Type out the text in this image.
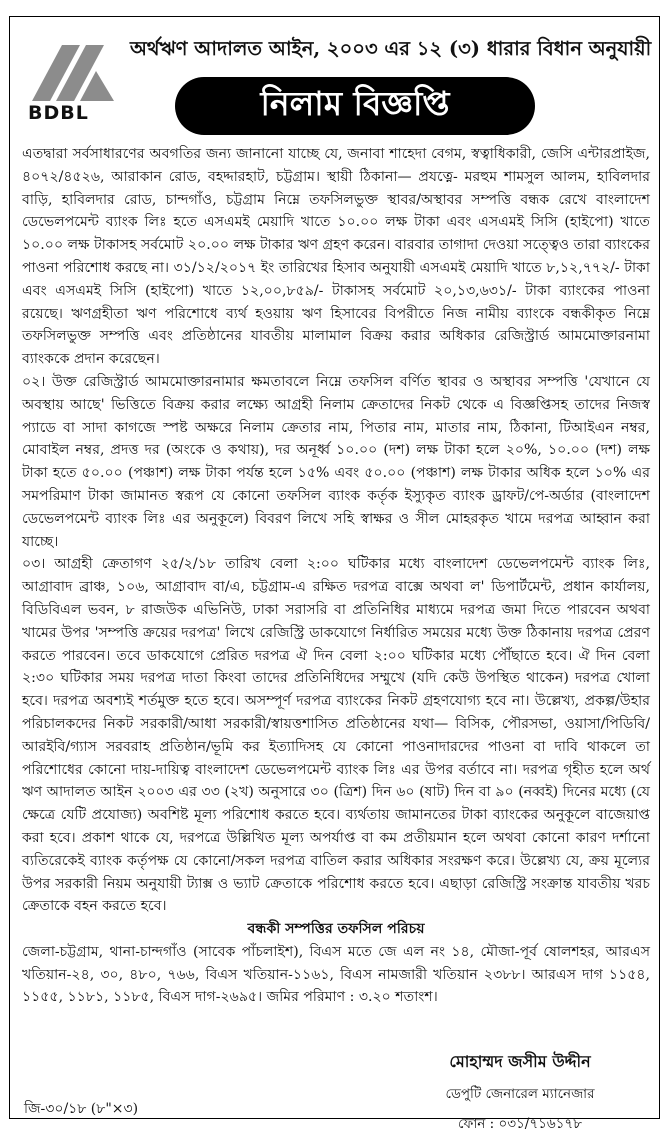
BDBL
অর্থঋণ আদালত আইন, ২০০৩ এর ১২ (৩) ধারার বিধান অনুযায়ী
নিলাম বিজ্ঞপ্তি

এতদ্বারা সর্বসাধারণের অবগতির জন্য জানানো যাচ্ছে যে, জনাবা শাহেদা বেগম, স্বত্বাধিকারী, জেসি এন্টারপ্রাইজ, ৪০৭২/৪৫২৬, আরাকান রোড, বহদ্দারহাট, চট্টগ্রাম। স্থায়ী ঠিকানা— প্রযত্নে- মরহুম শামসুল আলম, হাবিলদার বাড়ি, হাবিলদার রোড, চান্দগাঁও, চট্টগ্রাম নিম্নে তফসিলভুক্ত স্থাবর/অস্থাবর সম্পত্তি বন্ধক রেখে বাংলাদেশ ডেভেলপমেন্ট ব্যাংক লিঃ হতে এসএমই মেয়াদি খাতে ১০.০০ লক্ষ টাকা এবং এসএমই সিসি (হাইপো) খাতে ১০.০০ লক্ষ টাকাসহ সর্বমোট ২০.০০ লক্ষ টাকার ঋণ গ্রহণ করেন। বারবার তাগাদা দেওয়া সত্ত্বেও তারা ব্যাংকের পাওনা পরিশোধ করছে না। ৩১/১২/২০১৭ ইং তারিখের হিসাব অনুযায়ী এসএমই মেয়াদি খাতে ৮,১২,৭৭২/- টাকা এবং এসএমই সিসি (হাইপো) খাতে ১২,০০,৮৫৯/- টাকাসহ সর্বমোট ২০,১৩,৬৩১/- টাকা ব্যাংকের পাওনা রয়েছে। ঋণগ্রহীতা ঋণ পরিশোধে ব্যর্থ হওয়ায় ঋণ হিসাবের বিপরীতে নিজ নামীয় ব্যাংকে বন্ধকীকৃত নিম্নে তফসিলভুক্ত সম্পত্তি এবং প্রতিষ্ঠানের যাবতীয় মালামাল বিক্রয় করার অধিকার রেজিস্ট্রার্ড আমমোক্তারনামা ব্যাংককে প্রদান করেছেন।

০২। উক্ত রেজিস্ট্রার্ড আমমোক্তারনামার ক্ষমতাবলে নিম্নে তফসিল বর্ণিত স্থাবর ও অস্থাবর সম্পত্তি 'যেখানে যে অবস্থায় আছে' ভিত্তিতে বিক্রয় করার লক্ষ্যে আগ্রহী নিলাম ক্রেতাদের নিকট থেকে এ বিজ্ঞপ্তিসহ তাদের নিজস্ব প্যাডে বা সাদা কাগজে স্পষ্ট অক্ষরে নিলাম ক্রেতার নাম, পিতার নাম, মাতার নাম, ঠিকানা, টিআইএন নম্বর, মোবাইল নম্বর, প্রদত্ত দর (অংকে ও কথায়), দর অনূর্ধ্ব ১০.০০ (দশ) লক্ষ টাকা হলে ২০%, ১০.০০ (দশ) লক্ষ টাকা হতে ৫০.০০ (পঞ্চাশ) লক্ষ টাকা পর্যন্ত হলে ১৫% এবং ৫০.০০ (পঞ্চাশ) লক্ষ টাকার অধিক হলে ১০% এর সমপরিমাণ টাকা জামানত স্বরূপ যে কোনো তফসিল ব্যাংক কর্তৃক ইস্যুকৃত ব্যাংক ড্রাফট/পে-অর্ডার (বাংলাদেশ ডেভেলপমেন্ট ব্যাংক লিঃ এর অনুকূলে) বিবরণ লিখে সহি স্বাক্ষর ও সীল মোহরকৃত খামে দরপত্র আহ্বান করা যাচ্ছে।

০৩। আগ্রহী ক্রেতাগণ ২৫/২/১৮ তারিখ বেলা ২:০০ ঘটিকার মধ্যে বাংলাদেশ ডেভেলপমেন্ট ব্যাংক লিঃ, আগ্রাবাদ ব্রাঞ্চ, ১০৬, আগ্রাবাদ বা/এ, চট্টগ্রাম-এ রক্ষিত দরপত্র বাক্সে অথবা ল' ডিপার্টমেন্ট, প্রধান কার্যালয়, বিডিবিএল ভবন, ৮ রাজউক এভিনিউ, ঢাকা সরাসরি বা প্রতিনিধির মাধ্যমে দরপত্র জমা দিতে পারবেন অথবা খামের উপর 'সম্পত্তি ক্রয়ের দরপত্র' লিখে রেজিস্ট্রি ডাকযোগে নির্ধারিত সময়ের মধ্যে উক্ত ঠিকানায় দরপত্র প্রেরণ করতে পারবেন। তবে ডাকযোগে প্রেরিত দরপত্র ঐ দিন বেলা ২:০০ ঘটিকার মধ্যে পৌঁছাতে হবে। ঐ দিন বেলা ২:৩০ ঘটিকার সময় দরপত্র দাতা কিংবা তাদের প্রতিনিধিদের সম্মুখে (যদি কেউ উপস্থিত থাকেন) দরপত্র খোলা হবে। দরপত্র অবশ্যই শর্তমুক্ত হতে হবে। অসম্পূর্ণ দরপত্র ব্যাংকের নিকট গ্রহণযোগ্য হবে না। উল্লেখ্য, প্রকল্প/উহার পরিচালকদের নিকট সরকারী/আধা সরকারী/স্বায়ত্তশাসিত প্রতিষ্ঠানের যথা— বিসিক, পৌরসভা, ওয়াসা/পিডিবি/আরইবি/গ্যাস সরবরাহ প্রতিষ্ঠান/ভূমি কর ইত্যাদিসহ যে কোনো পাওনাদারদের পাওনা বা দাবি থাকলে তা পরিশোধের কোনো দায়-দায়িত্ব বাংলাদেশ ডেভেলপমেন্ট ব্যাংক লিঃ এর উপর বর্তাবে না। দরপত্র গৃহীত হলে অর্থ ঋণ আদালত আইন ২০০৩ এর ৩৩ (২খ) অনুসারে ৩০ (ত্রিশ) দিন ৬০ (ষাট) দিন বা ৯০ (নব্বই) দিনের মধ্যে (যে ক্ষেত্রে যেটি প্রযোজ্য) অবশিষ্ট মূল্য পরিশোধ করতে হবে। ব্যর্থতায় জামানতের টাকা ব্যাংকের অনুকূলে বাজেয়াপ্ত করা হবে। প্রকাশ থাকে যে, দরপত্রে উল্লিখিত মূল্য অপর্যাপ্ত বা কম প্রতীয়মান হলে অথবা কোনো কারণ দর্শানো ব্যতিরেকেই ব্যাংক কর্তৃপক্ষ যে কোনো/সকল দরপত্র বাতিল করার অধিকার সংরক্ষণ করে। উল্লেখ্য যে, ক্রয় মূল্যের উপর সরকারী নিয়ম অনুযায়ী ট্যাক্স ও ভ্যাট ক্রেতাকে পরিশোধ করতে হবে। এছাড়া রেজিস্ট্রি সংক্রান্ত যাবতীয় খরচ ক্রেতাকে বহন করতে হবে।

বন্ধকী সম্পত্তির তফসিল পরিচয়

জেলা-চট্টগ্রাম, থানা-চান্দগাঁও (সাবেক পাঁচলাইশ), বিএস মতে জে এল নং ১৪, মৌজা-পূর্ব ষোলশহর, আরএস খতিয়ান-২৪, ৩০, ৪৮০, ৭৬৬, বিএস খতিয়ান-১১৬১, বিএস নামজারী খতিয়ান ২৩৮৮। আরএস দাগ ১১৫৪, ১১৫৫, ১১৮১, ১১৮৫, বিএস দাগ-২৬৯৫। জমির পরিমাণ : ৩.২০ শতাংশ।

মোহাম্মদ জসীম উদ্দীন
ডেপুটি জেনারেল ম্যানেজার
ফোন : ০৩১/৭১৬১৭৮
জি-৩০/১৮ (৮"×৩)
